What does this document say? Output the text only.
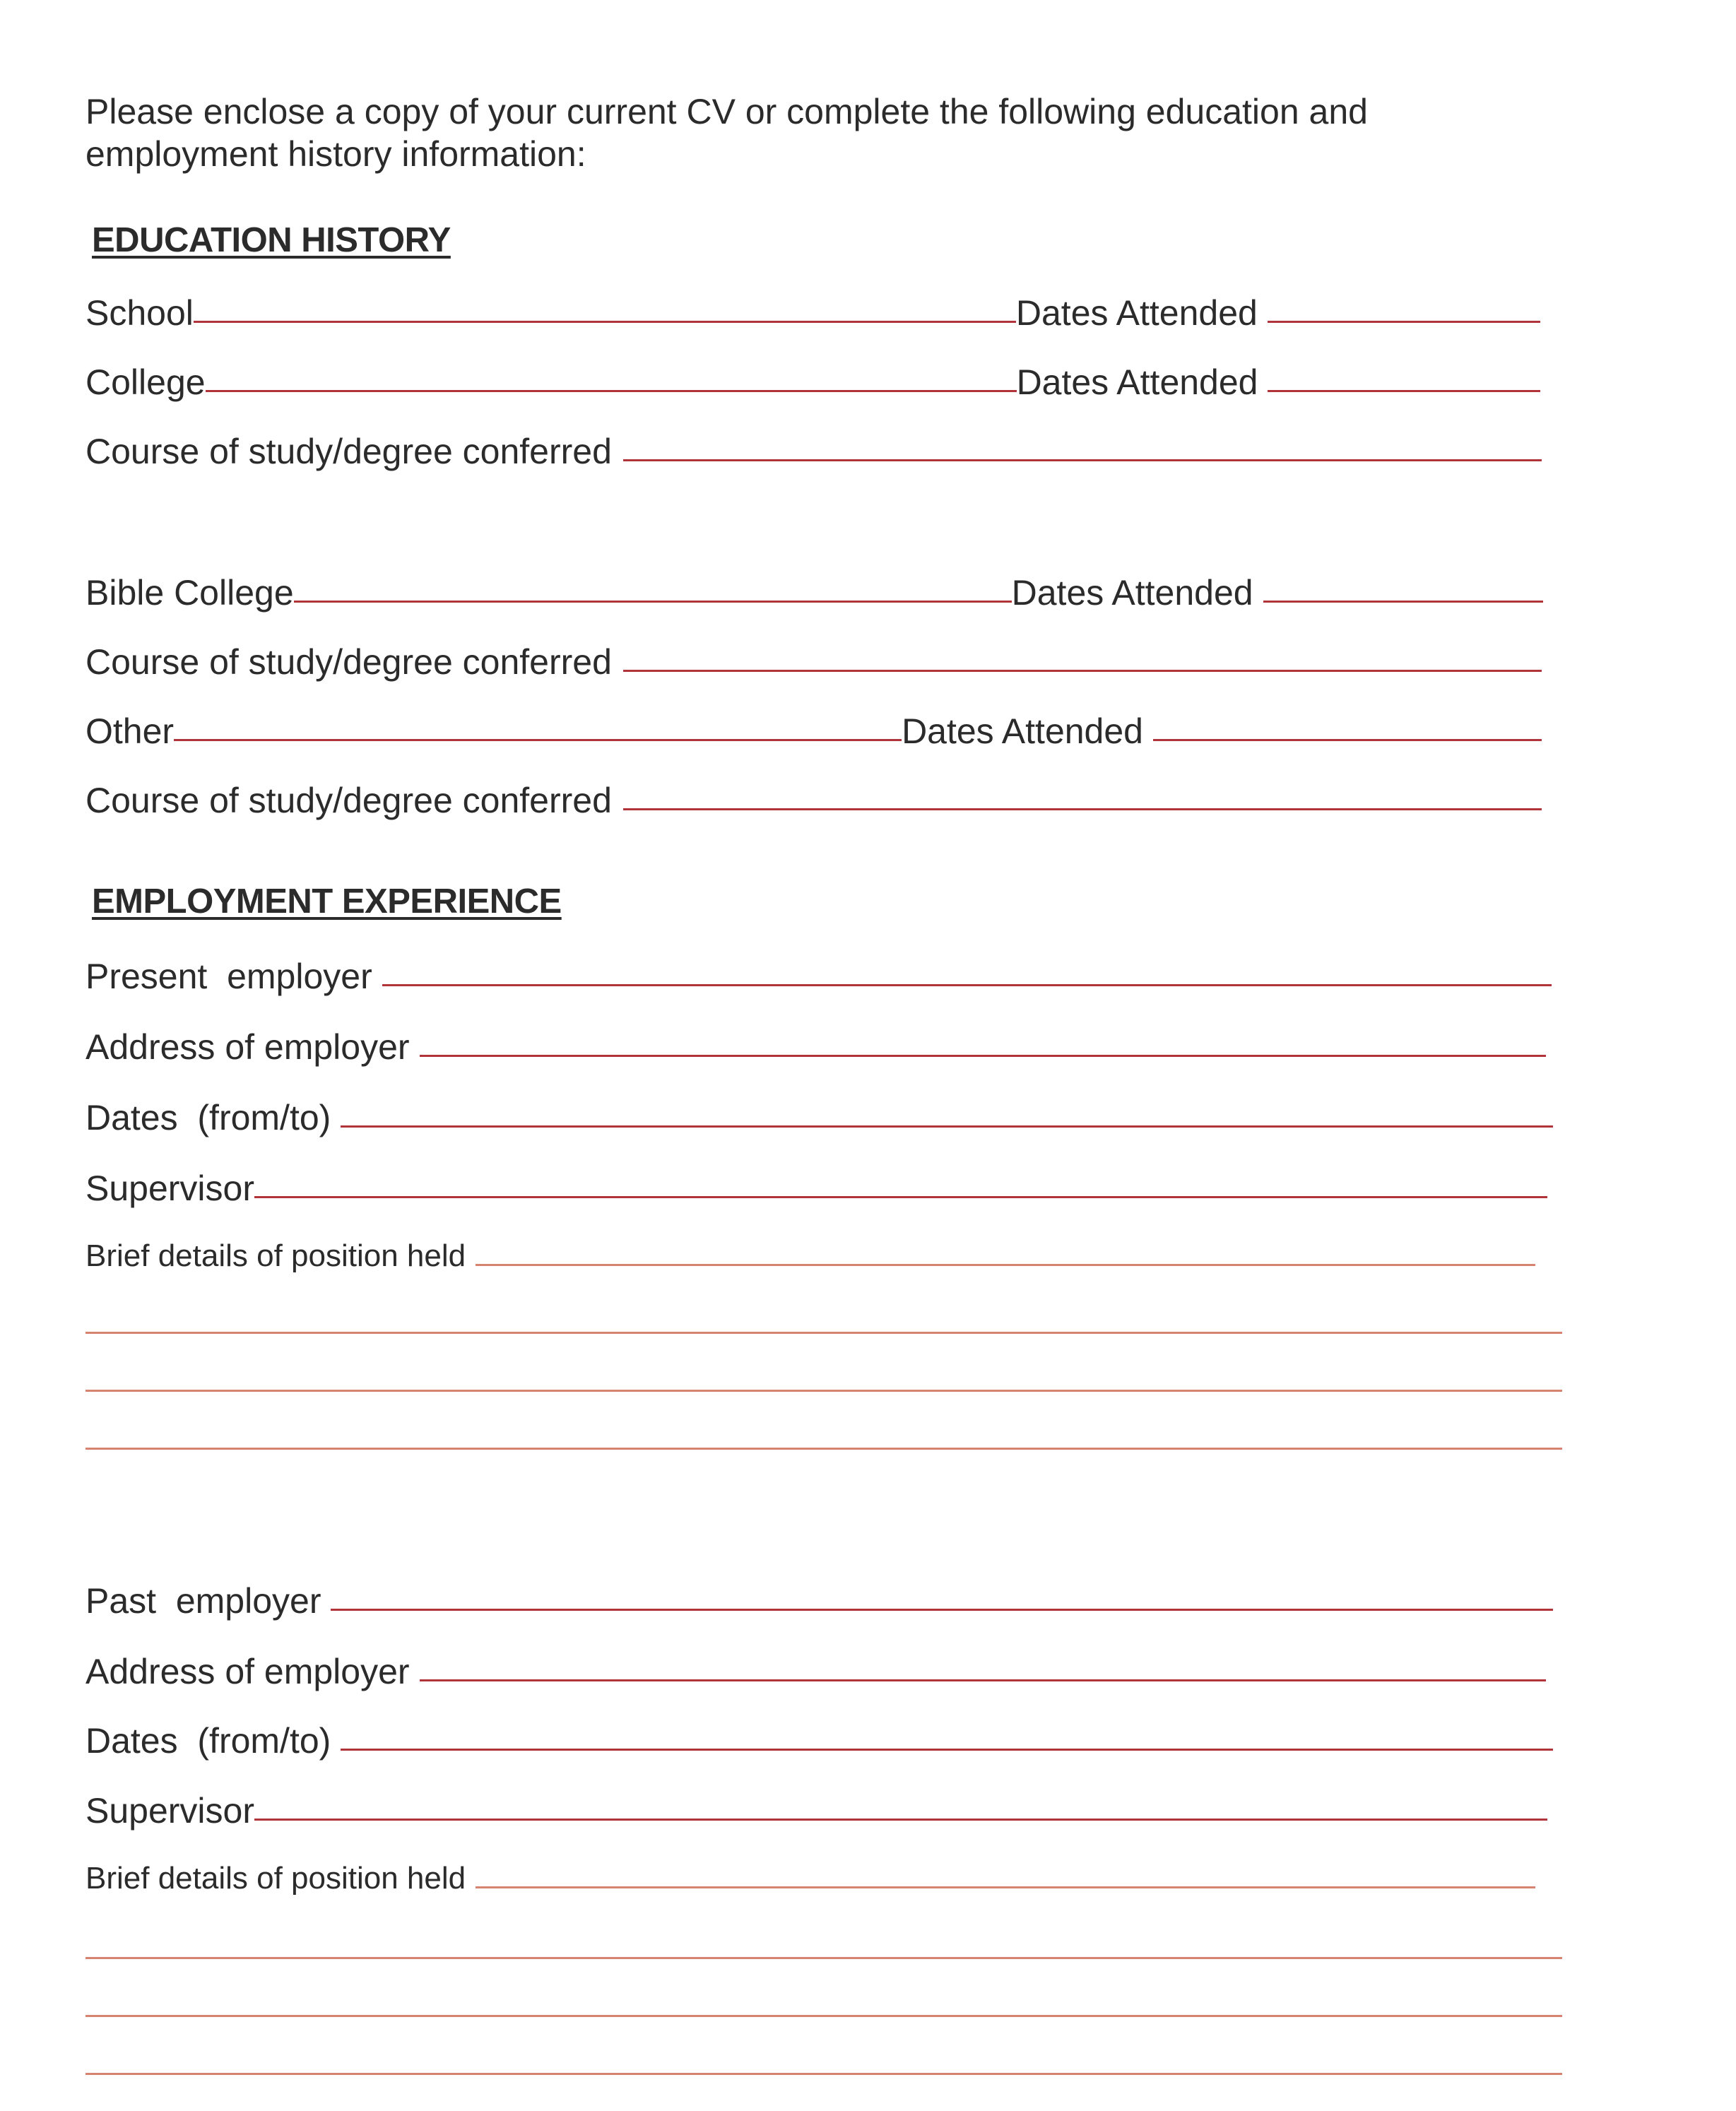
Please enclose a copy of your current CV or complete the following education and
employment history information:
EDUCATION HISTORY
School	Dates Attended
College	Dates Attended
Course of study/degree conferred
Bible College	Dates Attended
Course of study/degree conferred
Other	Dates Attended
Course of study/degree conferred
EMPLOYMENT EXPERIENCE
Present  employer
Address of employer
Dates  (from/to)
Supervisor
Brief details of position held
Past  employer
Address of employer
Dates  (from/to)
Supervisor
Brief details of position held
